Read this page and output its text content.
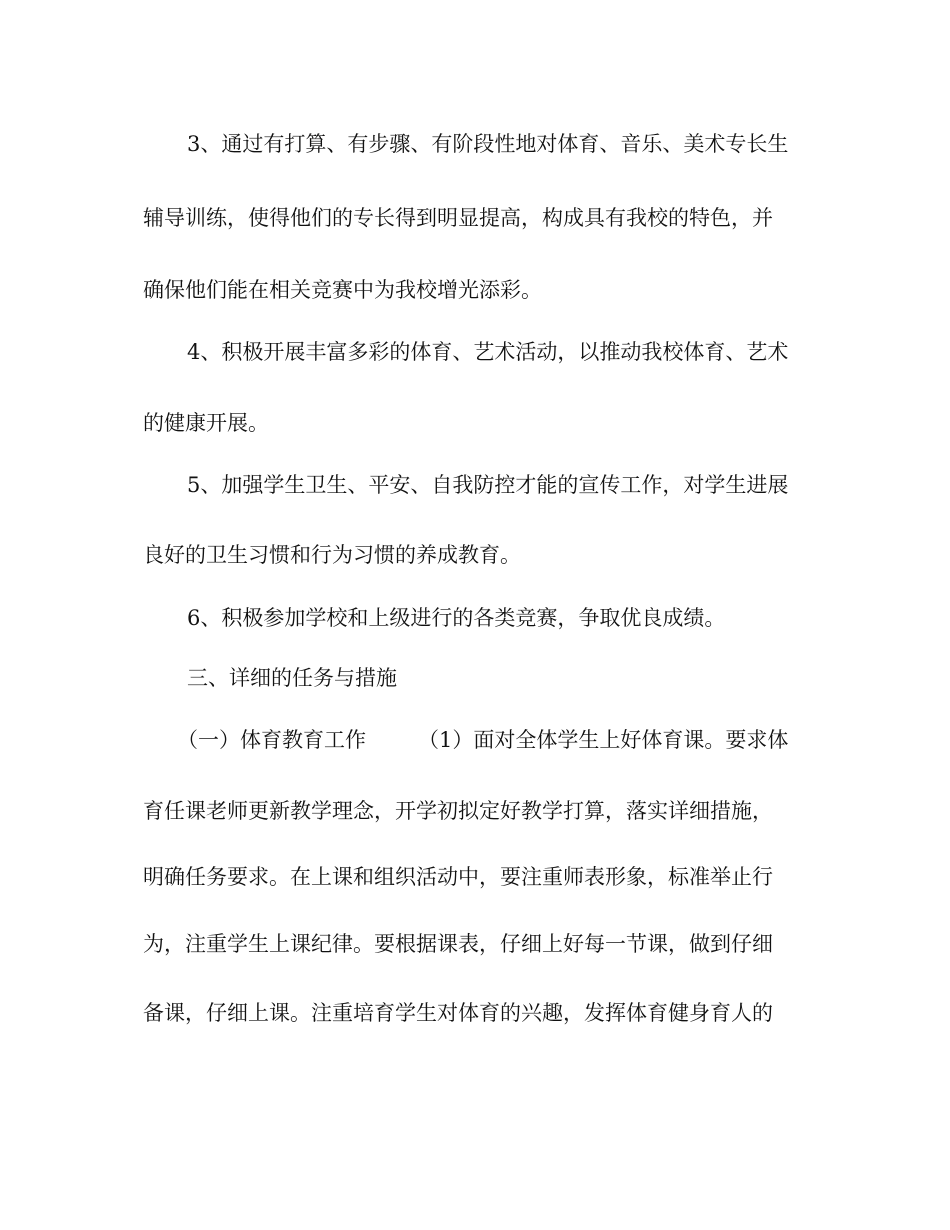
3、通过有打算、有步骤、有阶段性地对体育、音乐、美术专长生
辅导训练，使得他们的专长得到明显提高，构成具有我校的特色，并
确保他们能在相关竞赛中为我校增光添彩。
4、积极开展丰富多彩的体育、艺术活动，以推动我校体育、艺术
的健康开展。
5、加强学生卫生、平安、自我防控才能的宣传工作，对学生进展
良好的卫生习惯和行为习惯的养成教育。
6、积极参加学校和上级进行的各类竞赛，争取优良成绩。
三、详细的任务与措施
（一）体育教育工作 （1）面对全体学生上好体育课。要求体
育任课老师更新教学理念，开学初拟定好教学打算，落实详细措施，
明确任务要求。在上课和组织活动中，要注重师表形象，标准举止行
为，注重学生上课纪律。要根据课表，仔细上好每一节课，做到仔细
备课，仔细上课。注重培育学生对体育的兴趣，发挥体育健身育人的
